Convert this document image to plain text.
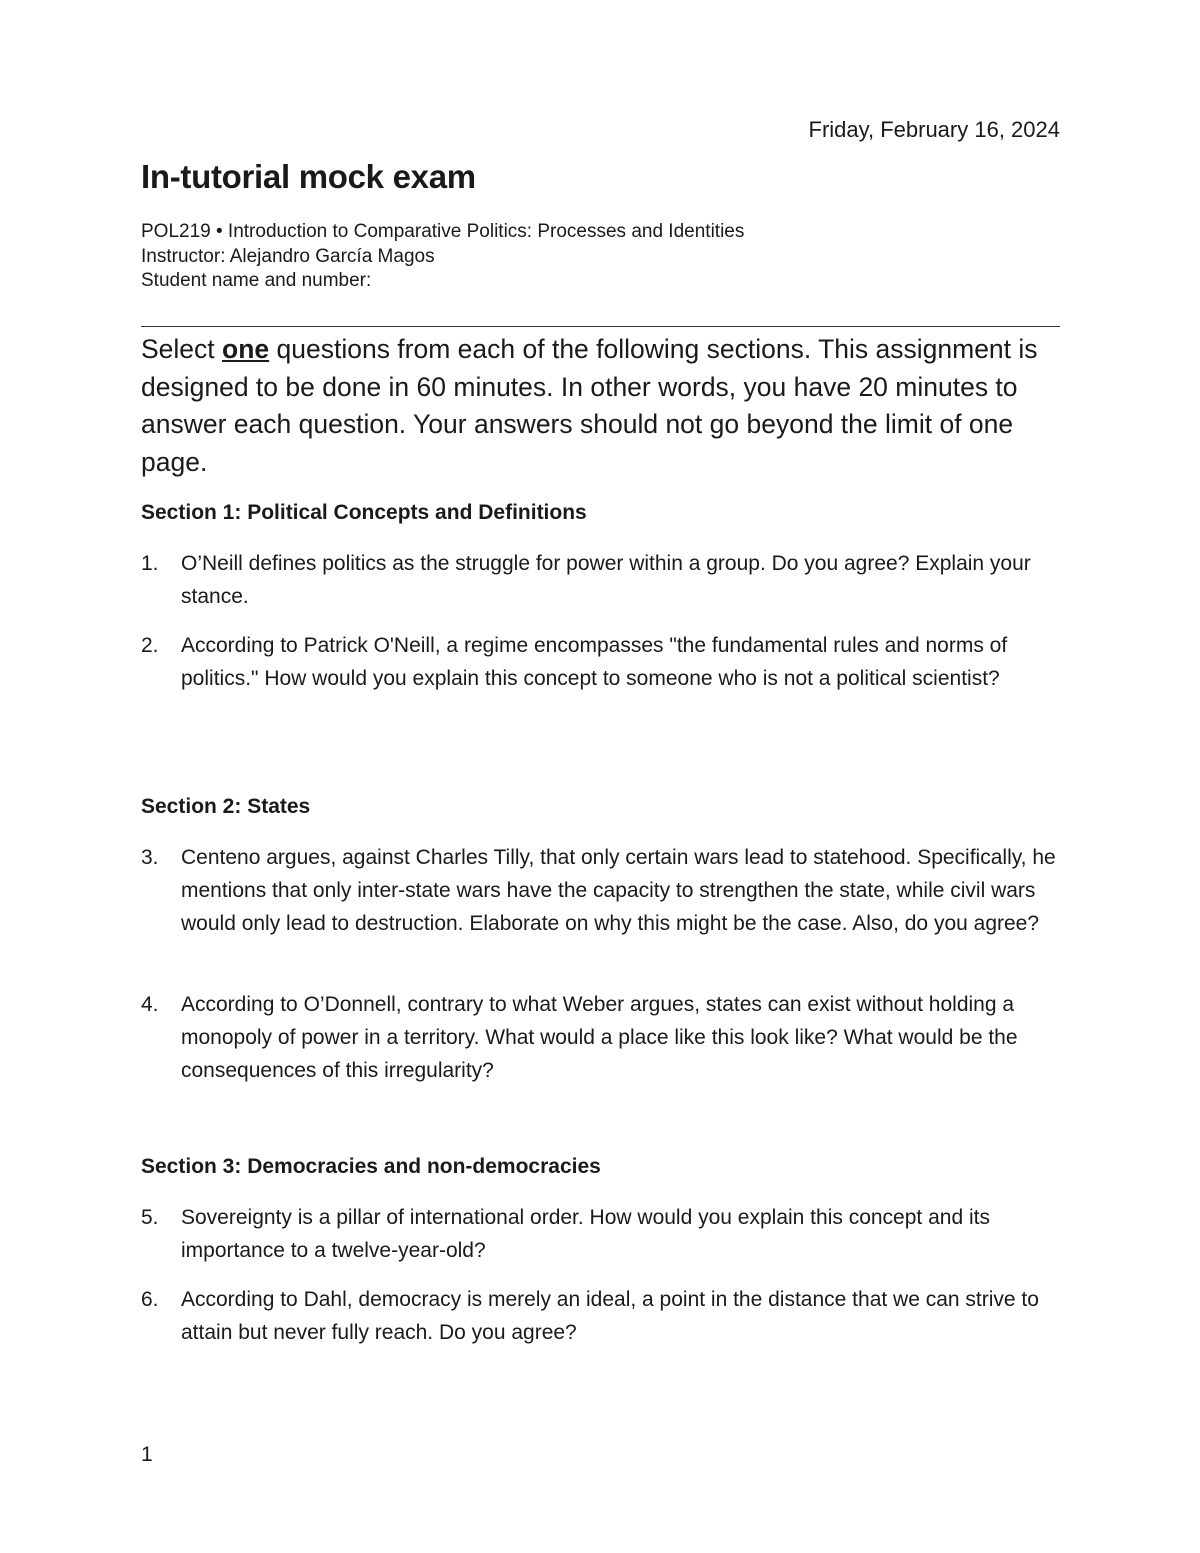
Friday, February 16, 2024
In-tutorial mock exam
POL219 • Introduction to Comparative Politics: Processes and Identities
Instructor: Alejandro García Magos
Student name and number:
Select one questions from each of the following sections. This assignment is designed to be done in 60 minutes. In other words, you have 20 minutes to answer each question. Your answers should not go beyond the limit of one page.
Section 1: Political Concepts and Definitions
1.	O’Neill defines politics as the struggle for power within a group. Do you agree? Explain your stance.
2.	According to Patrick O'Neill, a regime encompasses "the fundamental rules and norms of politics." How would you explain this concept to someone who is not a political scientist?
Section 2: States
3.	Centeno argues, against Charles Tilly, that only certain wars lead to statehood. Specifically, he mentions that only inter-state wars have the capacity to strengthen the state, while civil wars would only lead to destruction. Elaborate on why this might be the case. Also, do you agree?
4.	According to O’Donnell, contrary to what Weber argues, states can exist without holding a monopoly of power in a territory. What would a place like this look like? What would be the consequences of this irregularity?
Section 3: Democracies and non-democracies
5.	Sovereignty is a pillar of international order. How would you explain this concept and its importance to a twelve-year-old?
6.	According to Dahl, democracy is merely an ideal, a point in the distance that we can strive to attain but never fully reach. Do you agree?
1
